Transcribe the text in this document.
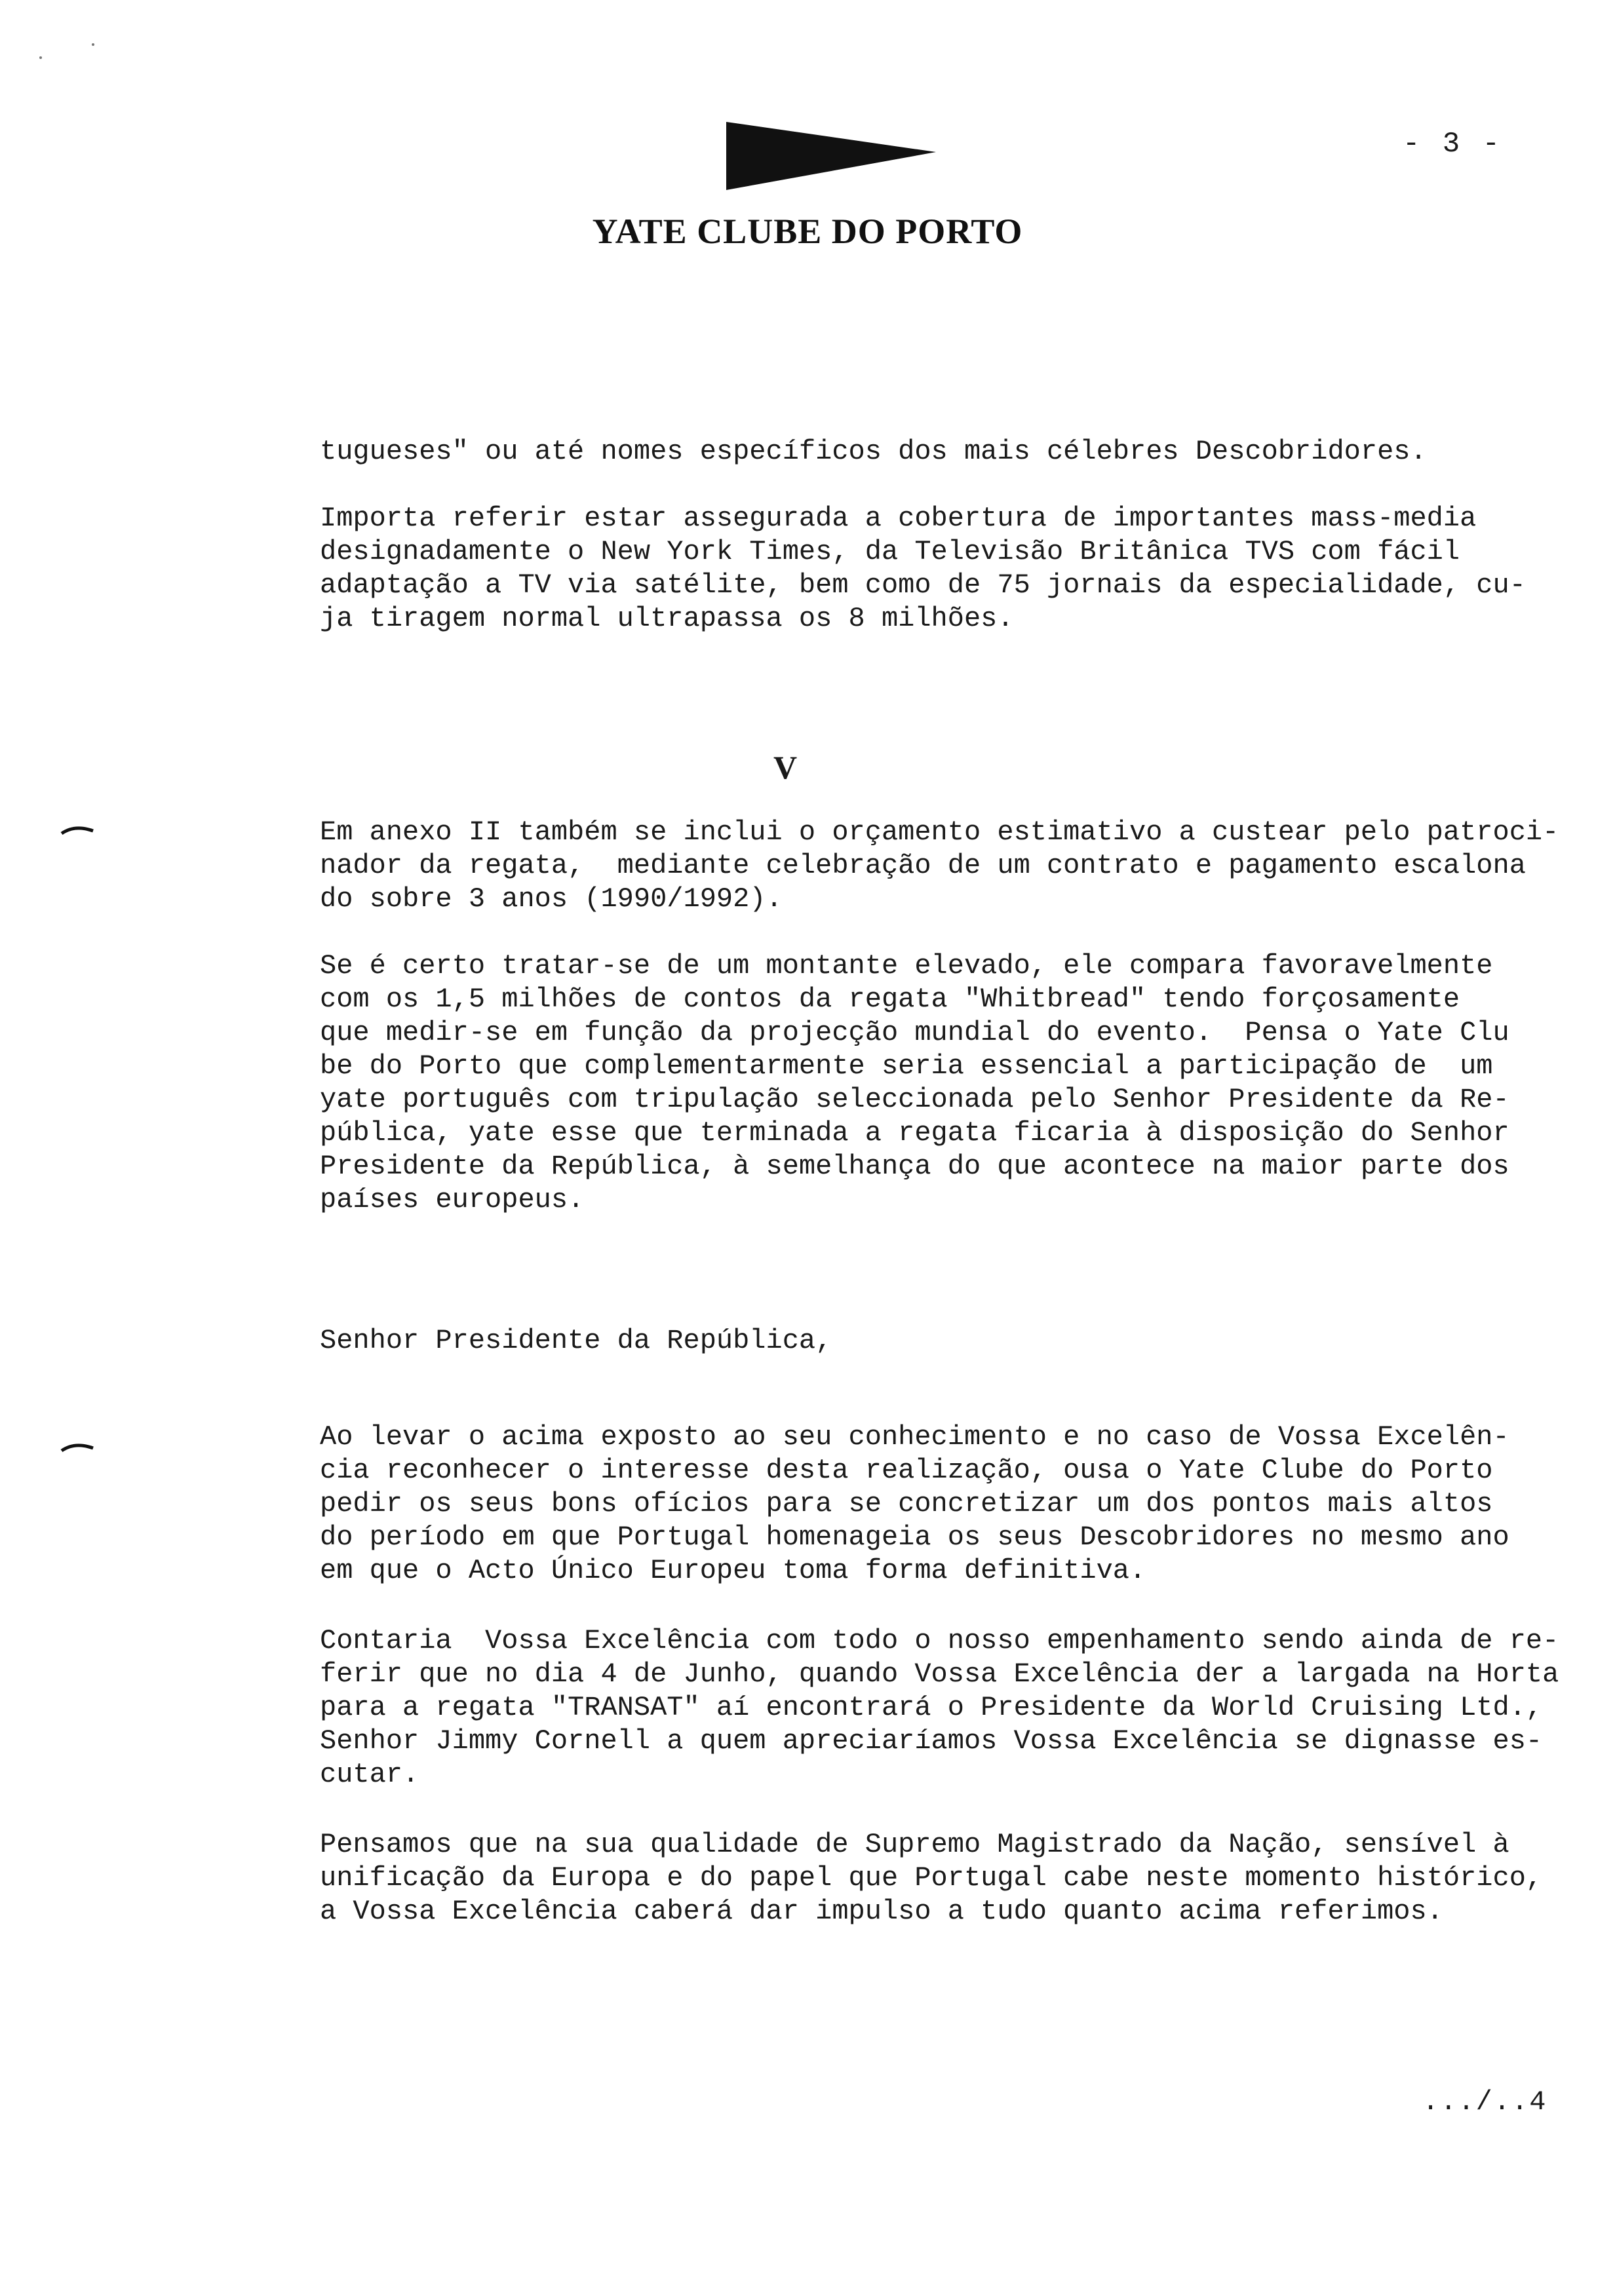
- 3 -
YATE CLUBE DO PORTO

tugueses" ou até nomes específicos dos mais célebres Descobridores.

Importa referir estar assegurada a cobertura de importantes mass-media
designadamente o New York Times, da Televisão Britânica TVS com fácil
adaptação a TV via satélite, bem como de 75 jornais da especialidade, cu-
ja tiragem normal ultrapassa os 8 milhões.

V

Em anexo II também se inclui o orçamento estimativo a custear pelo patroci-
nador da regata,  mediante celebração de um contrato e pagamento escalona
do sobre 3 anos (1990/1992).

Se é certo tratar-se de um montante elevado, ele compara favoravelmente
com os 1,5 milhões de contos da regata "Whitbread" tendo forçosamente
que medir-se em função da projecção mundial do evento.  Pensa o Yate Clu
be do Porto que complementarmente seria essencial a participação de  um
yate português com tripulação seleccionada pelo Senhor Presidente da Re-
pública, yate esse que terminada a regata ficaria à disposição do Senhor
Presidente da República, à semelhança do que acontece na maior parte dos
países europeus.

Senhor Presidente da República,

Ao levar o acima exposto ao seu conhecimento e no caso de Vossa Excelên-
cia reconhecer o interesse desta realização, ousa o Yate Clube do Porto
pedir os seus bons ofícios para se concretizar um dos pontos mais altos
do período em que Portugal homenageia os seus Descobridores no mesmo ano
em que o Acto Único Europeu toma forma definitiva.

Contaria  Vossa Excelência com todo o nosso empenhamento sendo ainda de re-
ferir que no dia 4 de Junho, quando Vossa Excelência der a largada na Horta
para a regata "TRANSAT" aí encontrará o Presidente da World Cruising Ltd.,
Senhor Jimmy Cornell a quem apreciaríamos Vossa Excelência se dignasse es-
cutar.

Pensamos que na sua qualidade de Supremo Magistrado da Nação, sensível à
unificação da Europa e do papel que Portugal cabe neste momento histórico,
a Vossa Excelência caberá dar impulso a tudo quanto acima referimos.

.../..4
